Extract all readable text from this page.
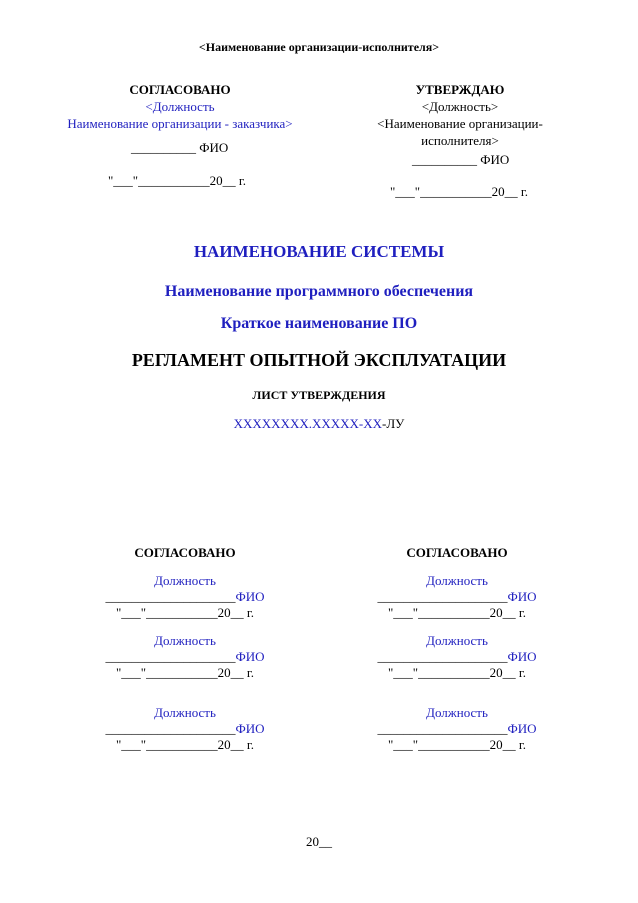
<Наименование организации-исполнителя>
СОГЛАСОВАНО
<Должность
Наименование организации - заказчика>
__________ ФИО
"___"___________20__ г.
УТВЕРЖДАЮ
<Должность>
<Наименование организации-
исполнителя>
__________ ФИО
"___"___________20__ г.
НАИМЕНОВАНИЕ СИСТЕМЫ
Наименование программного обеспечения
Краткое наименование ПО
РЕГЛАМЕНТ ОПЫТНОЙ ЭКСПЛУАТАЦИИ
ЛИСТ УТВЕРЖДЕНИЯ
ХХХХХХХХ.ХХХХХ-ХХ-ЛУ
СОГЛАСОВАНО
Должность
____________________ФИО
"___"___________20__ г.
Должность
____________________ФИО
"___"___________20__ г.
Должность
____________________ФИО
"___"___________20__ г.
СОГЛАСОВАНО
Должность
____________________ФИО
"___"___________20__ г.
Должность
____________________ФИО
"___"___________20__ г.
Должность
____________________ФИО
"___"___________20__ г.
20__
